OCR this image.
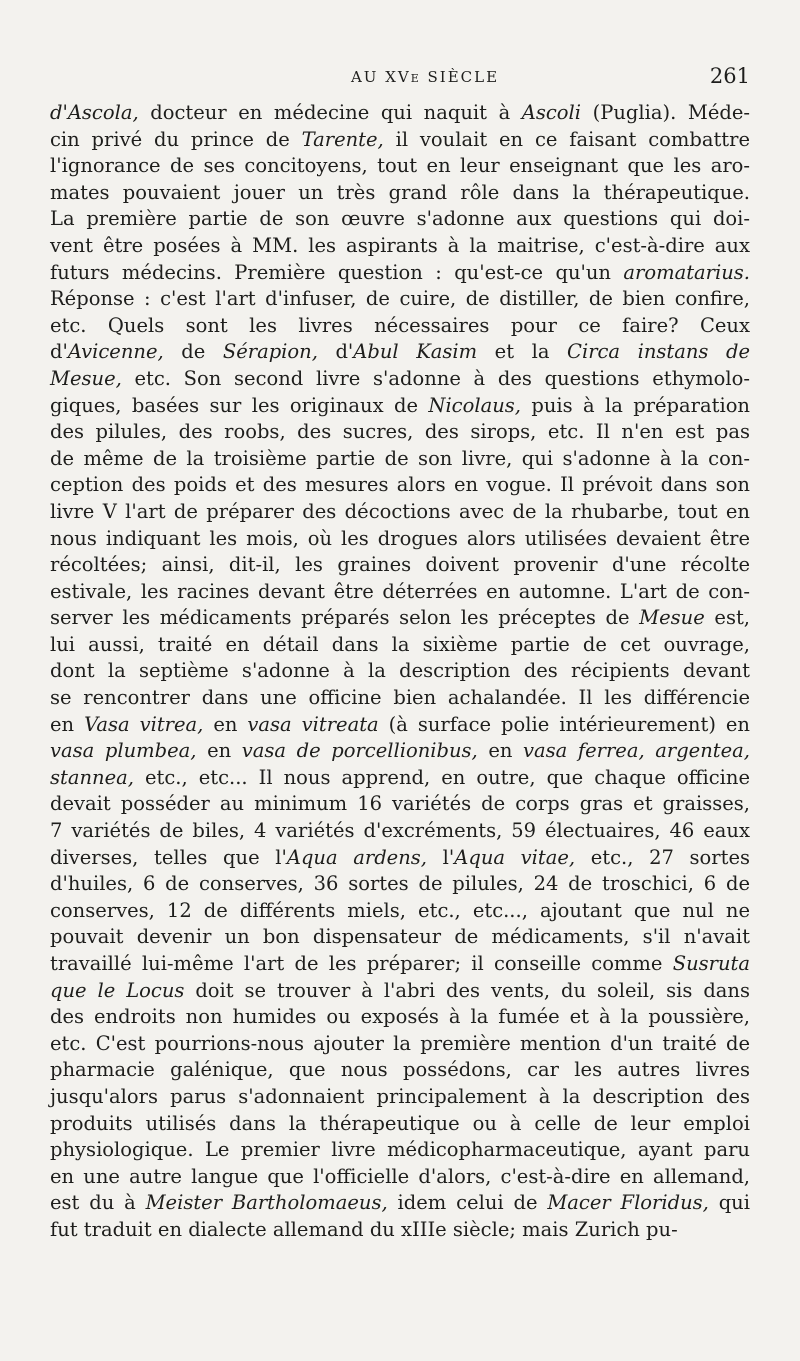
AU XVe SIÈCLE	261
d'Ascola, docteur en médecine qui naquit à Ascoli (Puglia). Méde-
cin privé du prince de Tarente, il voulait en ce faisant combattre
l'ignorance de ses concitoyens, tout en leur enseignant que les aro-
mates pouvaient jouer un très grand rôle dans la thérapeutique.
La première partie de son œuvre s'adonne aux questions qui doi-
vent être posées à MM. les aspirants à la maitrise, c'est-à-dire aux
futurs médecins. Première question : qu'est-ce qu'un aromatarius.
Réponse : c'est l'art d'infuser, de cuire, de distiller, de bien confire,
etc. Quels sont les livres nécessaires pour ce faire? Ceux
d'Avicenne, de Sérapion, d'Abul Kasim et la Circa instans de
Mesue, etc. Son second livre s'adonne à des questions ethymolo-
giques, basées sur les originaux de Nicolaus, puis à la préparation
des pilules, des roobs, des sucres, des sirops, etc. Il n'en est pas
de même de la troisième partie de son livre, qui s'adonne à la con-
ception des poids et des mesures alors en vogue. Il prévoit dans son
livre V l'art de préparer des décoctions avec de la rhubarbe, tout en
nous indiquant les mois, où les drogues alors utilisées devaient être
récoltées; ainsi, dit-il, les graines doivent provenir d'une récolte
estivale, les racines devant être déterrées en automne. L'art de con-
server les médicaments préparés selon les préceptes de Mesue est,
lui aussi, traité en détail dans la sixième partie de cet ouvrage,
dont la septième s'adonne à la description des récipients devant
se rencontrer dans une officine bien achalandée. Il les différencie
en Vasa vitrea, en vasa vitreata (à surface polie intérieurement) en
vasa plumbea, en vasa de porcellionibus, en vasa ferrea, argentea,
stannea, etc., etc... Il nous apprend, en outre, que chaque officine
devait posséder au minimum 16 variétés de corps gras et graisses,
7 variétés de biles, 4 variétés d'excréments, 59 électuaires, 46 eaux
diverses, telles que l'Aqua ardens, l'Aqua vitae, etc., 27 sortes
d'huiles, 6 de conserves, 36 sortes de pilules, 24 de troschici, 6 de
conserves, 12 de différents miels, etc., etc..., ajoutant que nul ne
pouvait devenir un bon dispensateur de médicaments, s'il n'avait
travaillé lui-même l'art de les préparer; il conseille comme Susruta
que le Locus doit se trouver à l'abri des vents, du soleil, sis dans
des endroits non humides ou exposés à la fumée et à la poussière,
etc. C'est pourrions-nous ajouter la première mention d'un traité de
pharmacie galénique, que nous possédons, car les autres livres
jusqu'alors parus s'adonnaient principalement à la description des
produits utilisés dans la thérapeutique ou à celle de leur emploi
physiologique. Le premier livre médicopharmaceutique, ayant paru
en une autre langue que l'officielle d'alors, c'est-à-dire en allemand,
est du à Meister Bartholomaeus, idem celui de Macer Floridus, qui
fut traduit en dialecte allemand du xIIIe siècle; mais Zurich pu-
